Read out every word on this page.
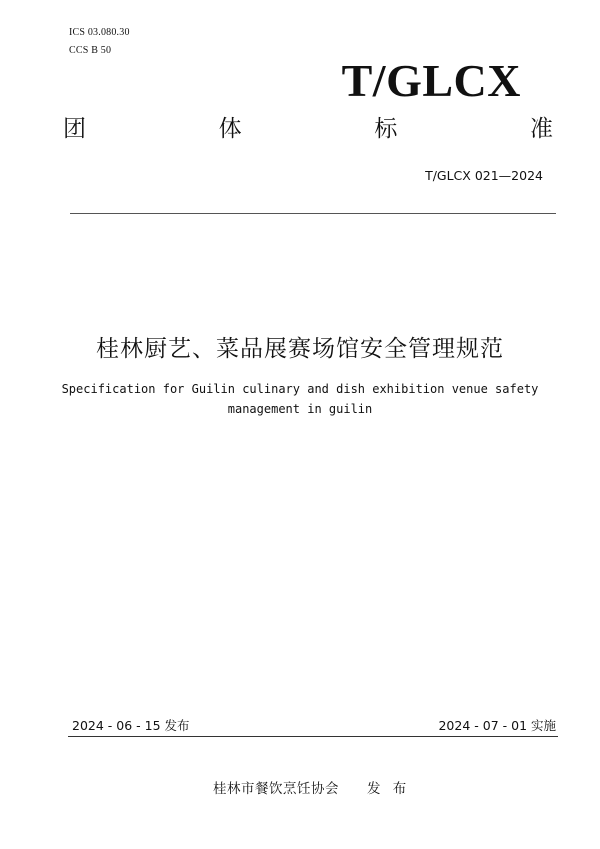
ICS 03.080.30
CCS B 50
T/GLCX
团	体	标	准
T/GLCX 021—2024
桂林厨艺、菜品展赛场馆安全管理规范
Specification for Guilin culinary and dish exhibition venue safety
management in guilin
2024 - 06 - 15 发布	2024 - 07 - 01 实施
桂林市餐饮烹饪协会 发 布
